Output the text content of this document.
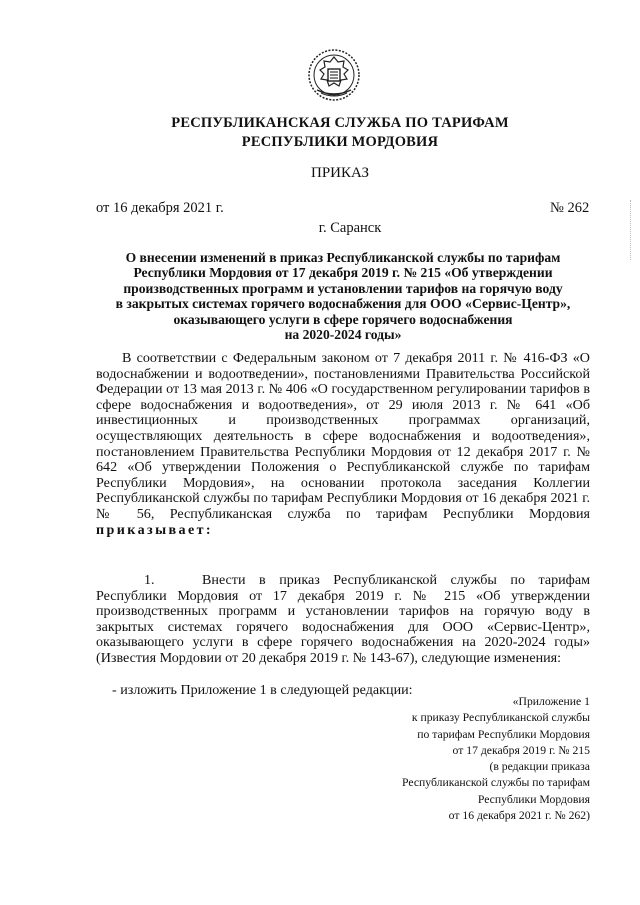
РЕСПУБЛИКАНСКАЯ СЛУЖБА ПО ТАРИФАМ
РЕСПУБЛИКИ МОРДОВИЯ
ПРИКАЗ
от 16 декабря 2021 г.	№ 262
г. Саранск
О внесении изменений в приказ Республиканской службы по тарифам
Республики Мордовия от 17 декабря 2019 г. № 215 «Об утверждении
производственных программ и установлении тарифов на горячую воду
в закрытых системах горячего водоснабжения для ООО «Сервис-Центр»,
оказывающего услуги в сфере горячего водоснабжения
на 2020-2024 годы»
В соответствии с Федеральным законом от 7 декабря 2011 г. № 416-ФЗ «О водоснабжении и водоотведении», постановлениями Правительства Российской Федерации от 13 мая 2013 г. № 406 «О государственном регулировании тарифов в сфере водоснабжения и водоотведения», от 29 июля 2013 г. № 641 «Об инвестиционных и производственных программах организаций, осуществляющих деятельность в сфере водоснабжения и водоотведения», постановлением Правительства Республики Мордовия от 12 декабря 2017 г. № 642 «Об утверждении Положения о Республиканской службе по тарифам Республики Мордовия», на основании протокола заседания Коллегии Республиканской службы по тарифам Республики Мордовия от 16 декабря 2021 г. № 56, Республиканская служба по тарифам Республики Мордовия приказывает:
1.	Внести в приказ Республиканской службы по тарифам Республики Мордовия от 17 декабря 2019 г. № 215 «Об утверждении производственных программ и установлении тарифов на горячую воду в закрытых системах горячего водоснабжения для ООО «Сервис-Центр», оказывающего услуги в сфере горячего водоснабжения на 2020-2024 годы» (Известия Мордовии от 20 декабря 2019 г. № 143-67), следующие изменения:
- изложить Приложение 1 в следующей редакции:
«Приложение 1
к приказу Республиканской службы
по тарифам Республики Мордовия
от 17 декабря 2019 г. № 215
(в редакции приказа
Республиканской службы по тарифам
Республики Мордовия
от 16 декабря 2021 г. № 262)
